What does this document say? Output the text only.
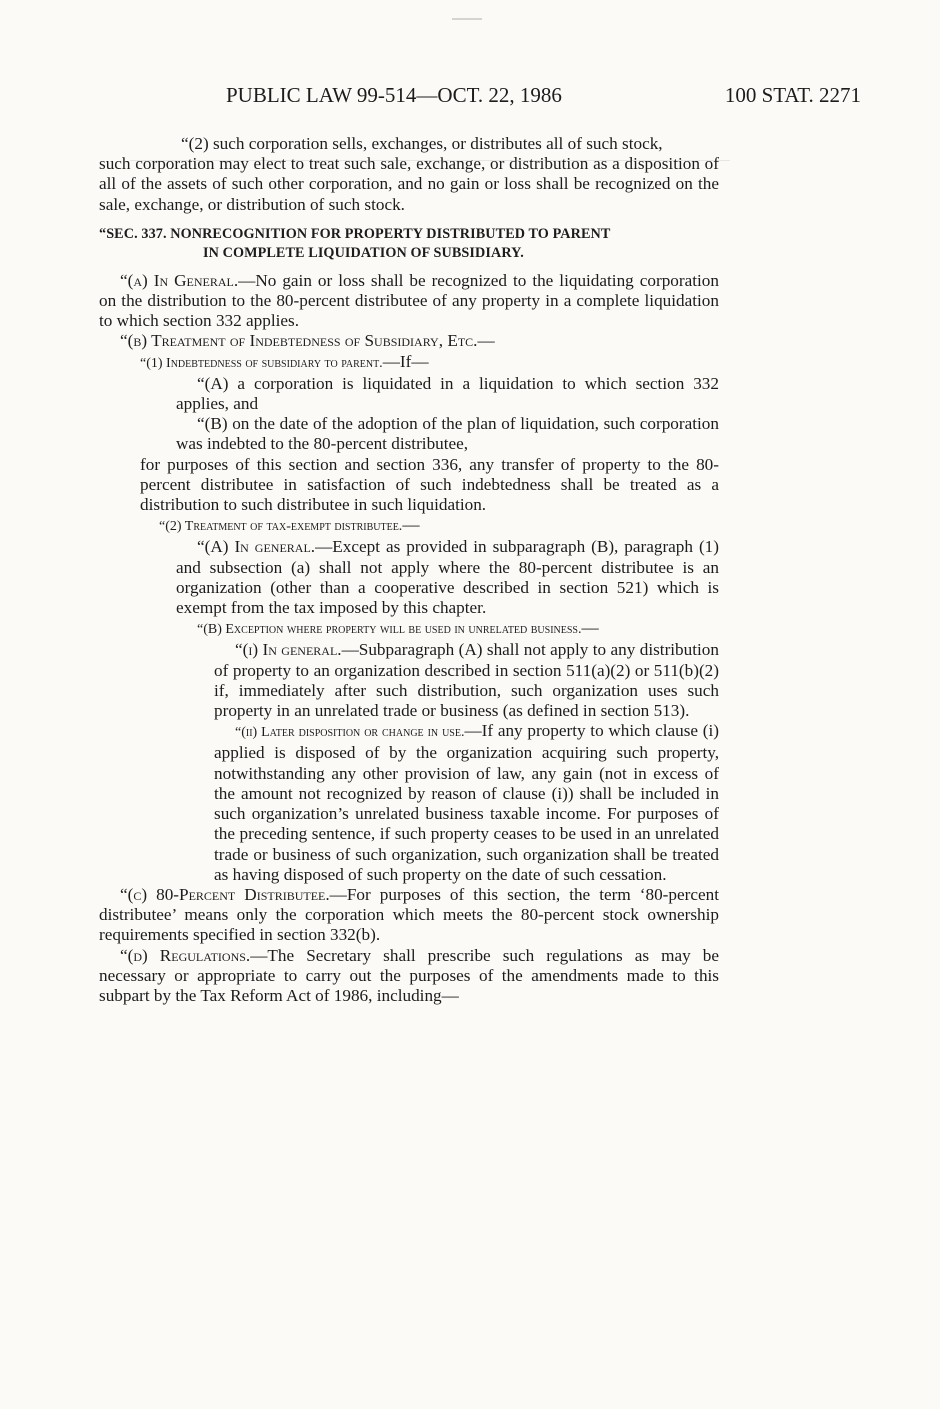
PUBLIC LAW 99-514—OCT. 22, 1986	100 STAT. 2271

“(2) such corporation sells, exchanges, or distributes all of such stock,

such corporation may elect to treat such sale, exchange, or distribution as a disposition of all of the assets of such other corporation, and no gain or loss shall be recognized on the sale, exchange, or distribution of such stock.

“SEC. 337. NONRECOGNITION FOR PROPERTY DISTRIBUTED TO PARENT
IN COMPLETE LIQUIDATION OF SUBSIDIARY.

“(a) In General.—No gain or loss shall be recognized to the liquidating corporation on the distribution to the 80-percent distributee of any property in a complete liquidation to which section 332 applies.

“(b) Treatment of Indebtedness of Subsidiary, Etc.—

“(1) Indebtedness of subsidiary to parent.—If—

“(A) a corporation is liquidated in a liquidation to which section 332 applies, and

“(B) on the date of the adoption of the plan of liquidation, such corporation was indebted to the 80-percent distributee,

for purposes of this section and section 336, any transfer of property to the 80-percent distributee in satisfaction of such indebtedness shall be treated as a distribution to such distributee in such liquidation.

“(2) Treatment of tax-exempt distributee.—

“(A) In general.—Except as provided in subparagraph (B), paragraph (1) and subsection (a) shall not apply where the 80-percent distributee is an organization (other than a cooperative described in section 521) which is exempt from the tax imposed by this chapter.

“(B) Exception where property will be used in unrelated business.—

“(i) In general.—Subparagraph (A) shall not apply to any distribution of property to an organization described in section 511(a)(2) or 511(b)(2) if, immediately after such distribution, such organization uses such property in an unrelated trade or business (as defined in section 513).

“(ii) Later disposition or change in use.—If any property to which clause (i) applied is disposed of by the organization acquiring such property, notwithstanding any other provision of law, any gain (not in excess of the amount not recognized by reason of clause (i)) shall be included in such organization’s unrelated business taxable income. For purposes of the preceding sentence, if such property ceases to be used in an unrelated trade or business of such organization, such organization shall be treated as having disposed of such property on the date of such cessation.

“(c) 80-Percent Distributee.—For purposes of this section, the term ‘80-percent distributee’ means only the corporation which meets the 80-percent stock ownership requirements specified in section 332(b).

“(d) Regulations.—The Secretary shall prescribe such regulations as may be necessary or appropriate to carry out the purposes of the amendments made to this subpart by the Tax Reform Act of 1986, including—
